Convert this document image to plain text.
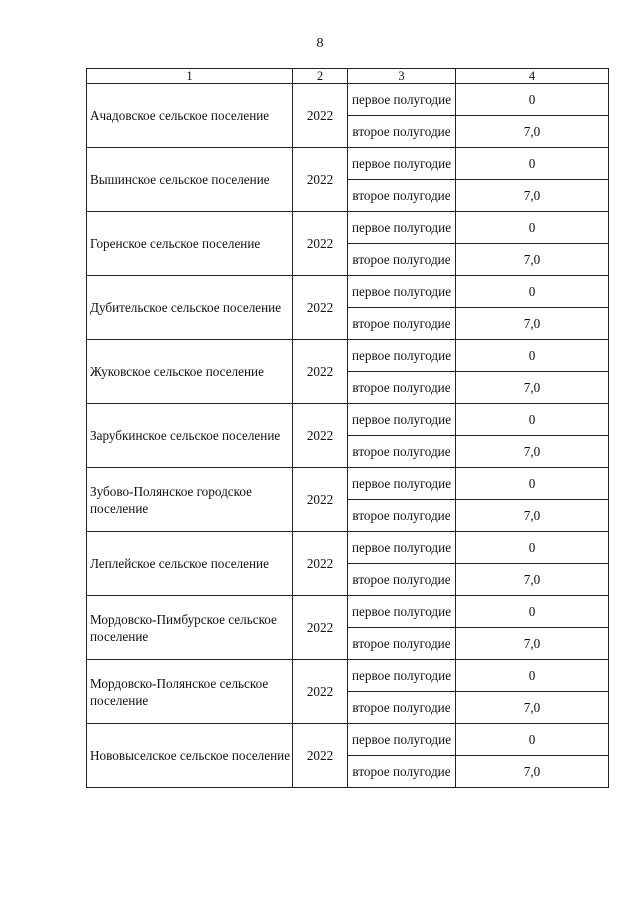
8
1	2	3	4
Ачадовское сельское поселение	2022	первое полугодие	0
		второе полугодие	7,0
Вышинское сельское поселение	2022	первое полугодие	0
		второе полугодие	7,0
Горенское сельское поселение	2022	первое полугодие	0
		второе полугодие	7,0
Дубительское сельское поселение	2022	первое полугодие	0
		второе полугодие	7,0
Жуковское сельское поселение	2022	первое полугодие	0
		второе полугодие	7,0
Зарубкинское сельское поселение	2022	первое полугодие	0
		второе полугодие	7,0
Зубово-Полянское городское поселение	2022	первое полугодие	0
		второе полугодие	7,0
Леплейское сельское поселение	2022	первое полугодие	0
		второе полугодие	7,0
Мордовско-Пимбурское сельское поселение	2022	первое полугодие	0
		второе полугодие	7,0
Мордовско-Полянское сельское поселение	2022	первое полугодие	0
		второе полугодие	7,0
Нововыселское сельское поселение	2022	первое полугодие	0
		второе полугодие	7,0
